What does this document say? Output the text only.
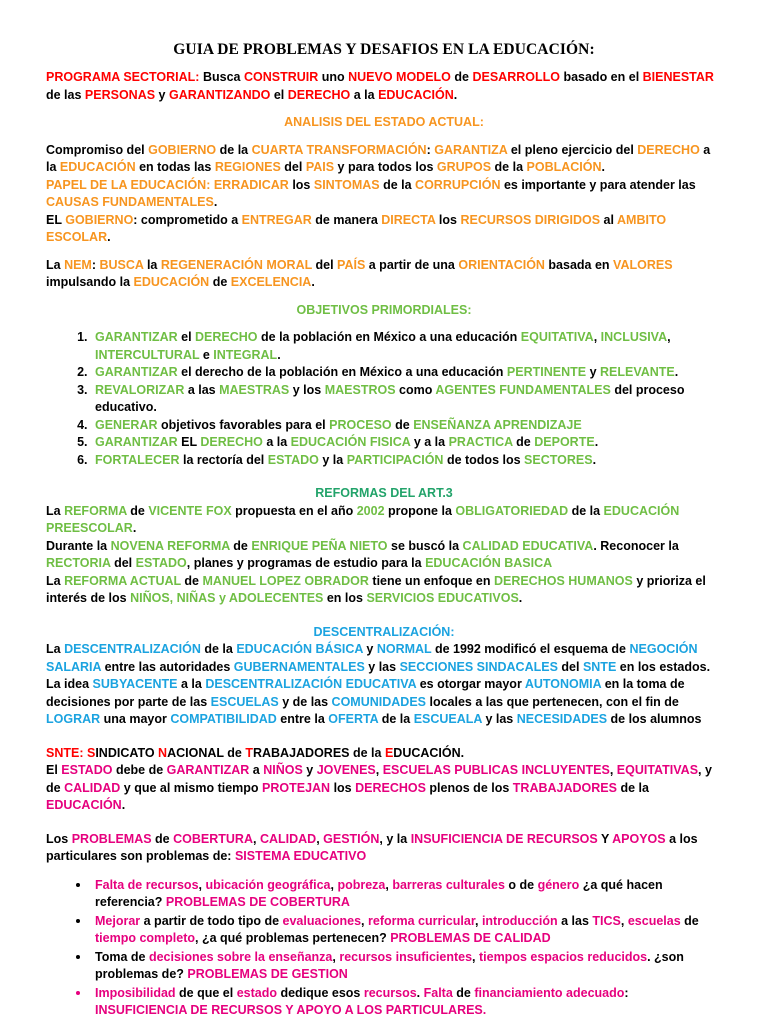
GUIA DE PROBLEMAS Y DESAFIOS EN LA EDUCACIÓN:

PROGRAMA SECTORIAL: Busca CONSTRUIR uno NUEVO MODELO de DESARROLLO basado en el BIENESTAR de las PERSONAS y GARANTIZANDO el DERECHO a la EDUCACIÓN.

ANALISIS DEL ESTADO ACTUAL:

Compromiso del GOBIERNO de la CUARTA TRANSFORMACIÓN: GARANTIZA el pleno ejercicio del DERECHO a la EDUCACIÓN en todas las REGIONES del PAIS y para todos los GRUPOS de la POBLACIÓN.
PAPEL DE LA EDUCACIÓN: ERRADICAR los SINTOMAS de la CORRUPCIÓN es importante y para atender las CAUSAS FUNDAMENTALES.
EL GOBIERNO: comprometido a ENTREGAR de manera DIRECTA los RECURSOS DIRIGIDOS al AMBITO ESCOLAR.

La NEM: BUSCA la REGENERACIÓN MORAL del PAÍS a partir de una ORIENTACIÓN basada en VALORES impulsando la EDUCACIÓN de EXCELENCIA.

OBJETIVOS PRIMORDIALES:

1. GARANTIZAR el DERECHO de la población en México a una educación EQUITATIVA, INCLUSIVA, INTERCULTURAL e INTEGRAL.
2. GARANTIZAR el derecho de la población en México a una educación PERTINENTE y RELEVANTE.
3. REVALORIZAR a las MAESTRAS y los MAESTROS como AGENTES FUNDAMENTALES del proceso educativo.
4. GENERAR objetivos favorables para el PROCESO de ENSEÑANZA APRENDIZAJE
5. GARANTIZAR EL DERECHO a la EDUCACIÓN FISICA y a la PRACTICA de DEPORTE.
6. FORTALECER la rectoría del ESTADO y la PARTICIPACIÓN de todos los SECTORES.

REFORMAS DEL ART.3

La REFORMA de VICENTE FOX propuesta en el año 2002 propone la OBLIGATORIEDAD de la EDUCACIÓN PREESCOLAR.
Durante la NOVENA REFORMA de ENRIQUE PEÑA NIETO se buscó la CALIDAD EDUCATIVA. Reconocer la RECTORIA del ESTADO, planes y programas de estudio para la EDUCACIÓN BASICA
La REFORMA ACTUAL de MANUEL LOPEZ OBRADOR tiene un enfoque en DERECHOS HUMANOS y prioriza el interés de los NIÑOS, NIÑAS y ADOLECENTES en los SERVICIOS EDUCATIVOS.

DESCENTRALIZACIÓN:

La DESCENTRALIZACIÓN de la EDUCACIÓN BÁSICA y NORMAL de 1992 modificó el esquema de NEGOCIÓN SALARIA entre las autoridades GUBERNAMENTALES y las SECCIONES SINDACALES del SNTE en los estados.
La idea SUBYACENTE a la DESCENTRALIZACIÓN EDUCATIVA es otorgar mayor AUTONOMIA en la toma de decisiones por parte de las ESCUELAS y de las COMUNIDADES locales a las que pertenecen, con el fin de LOGRAR una mayor COMPATIBILIDAD entre la OFERTA de la ESCUEALA y las NECESIDADES de los alumnos

SNTE: SINDICATO NACIONAL de TRABAJADORES de la EDUCACIÓN.
El ESTADO debe de GARANTIZAR a NIÑOS y JOVENES, ESCUELAS PUBLICAS INCLUYENTES, EQUITATIVAS, y de CALIDAD y que al mismo tiempo PROTEJAN los DERECHOS plenos de los TRABAJADORES de la EDUCACIÓN.

Los PROBLEMAS de COBERTURA, CALIDAD, GESTIÓN, y la INSUFICIENCIA DE RECURSOS Y APOYOS a los particulares son problemas de: SISTEMA EDUCATIVO

• Falta de recursos, ubicación geográfica, pobreza, barreras culturales o de género ¿a qué hacen referencia? PROBLEMAS DE COBERTURA
• Mejorar a partir de todo tipo de evaluaciones, reforma curricular, introducción a las TICS, escuelas de tiempo completo, ¿a qué problemas pertenecen? PROBLEMAS DE CALIDAD
• Toma de decisiones sobre la enseñanza, recursos insuficientes, tiempos espacios reducidos. ¿son problemas de? PROBLEMAS DE GESTION
• Imposibilidad de que el estado dedique esos recursos. Falta de financiamiento adecuado: INSUFICIENCIA DE RECURSOS Y APOYO A LOS PARTICULARES.
